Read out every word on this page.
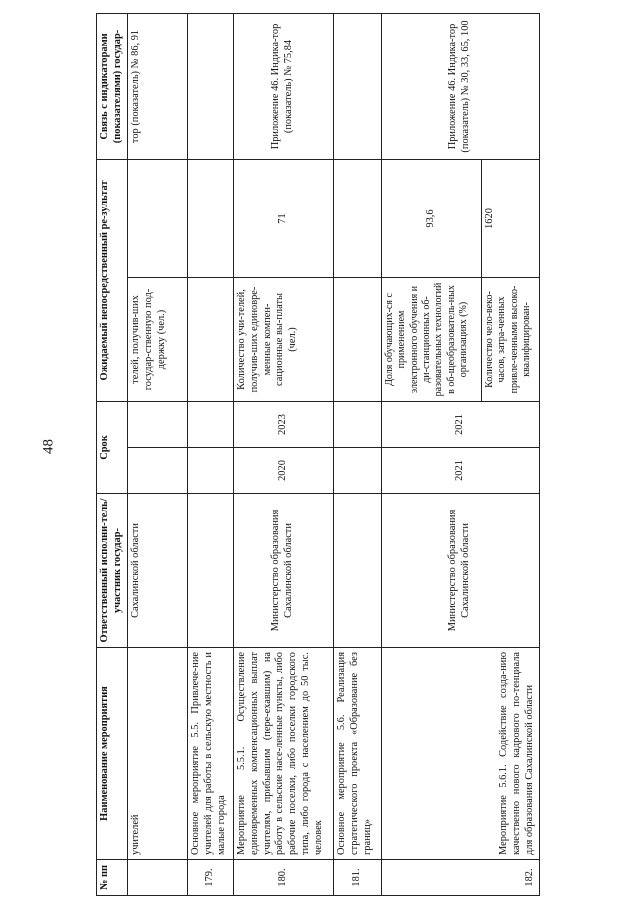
48
№ пп	Наименование мероприятия	Ответственный исполни-тель/участник государ-	Срок		Ожидаемый непосредственный ре-зультат		Связь с индикаторами (показателями) государ-
	учителей	Сахалинской области			телей, получив-ших государ-ственную под-держку (чел.)		тор (показатель) № 86, 91
179.	Основное мероприятие 5.5. Привлече-ние учителей для работы в сельскую местность и малые города						
180.	Мероприятие 5.5.1. Осуществление единовременных компенсационных выплат учителям, прибывшим (пере-ехавшим) на работу в сельские насе-ленные пункты, либо рабочие поселки, либо поселки городского типа, либо города с населением до 50 тыс. человек	Министерство образования Сахалинской области	2020	2023	Количество учи-телей, получив-ших единовре-менные компен-сационные вы-платы (чел.)	71	Приложение 46. Индика-тор (показатель) № 75,84
181.	Основное мероприятие 5.6. Реализация стратегического проекта «Образование без границ»						
182.	Мероприятие 5.6.1. Содействие созда-нию качественно нового кадрового по-тенциала для образования Сахалинской области	Министерство образования Сахалинской области	2021	2021	Доля обучающих-ся с применением электронного обучения и ди-станционных об-разовательных технологий в об-щеобразователь-ных организациях (%)	93,6	Приложение 46. Индика-тор (показатель) № 30, 33, 65, 100
					Количество чело-веко-часов, затра-ченных привле-ченными высоко-квалифицирован-	1620	
